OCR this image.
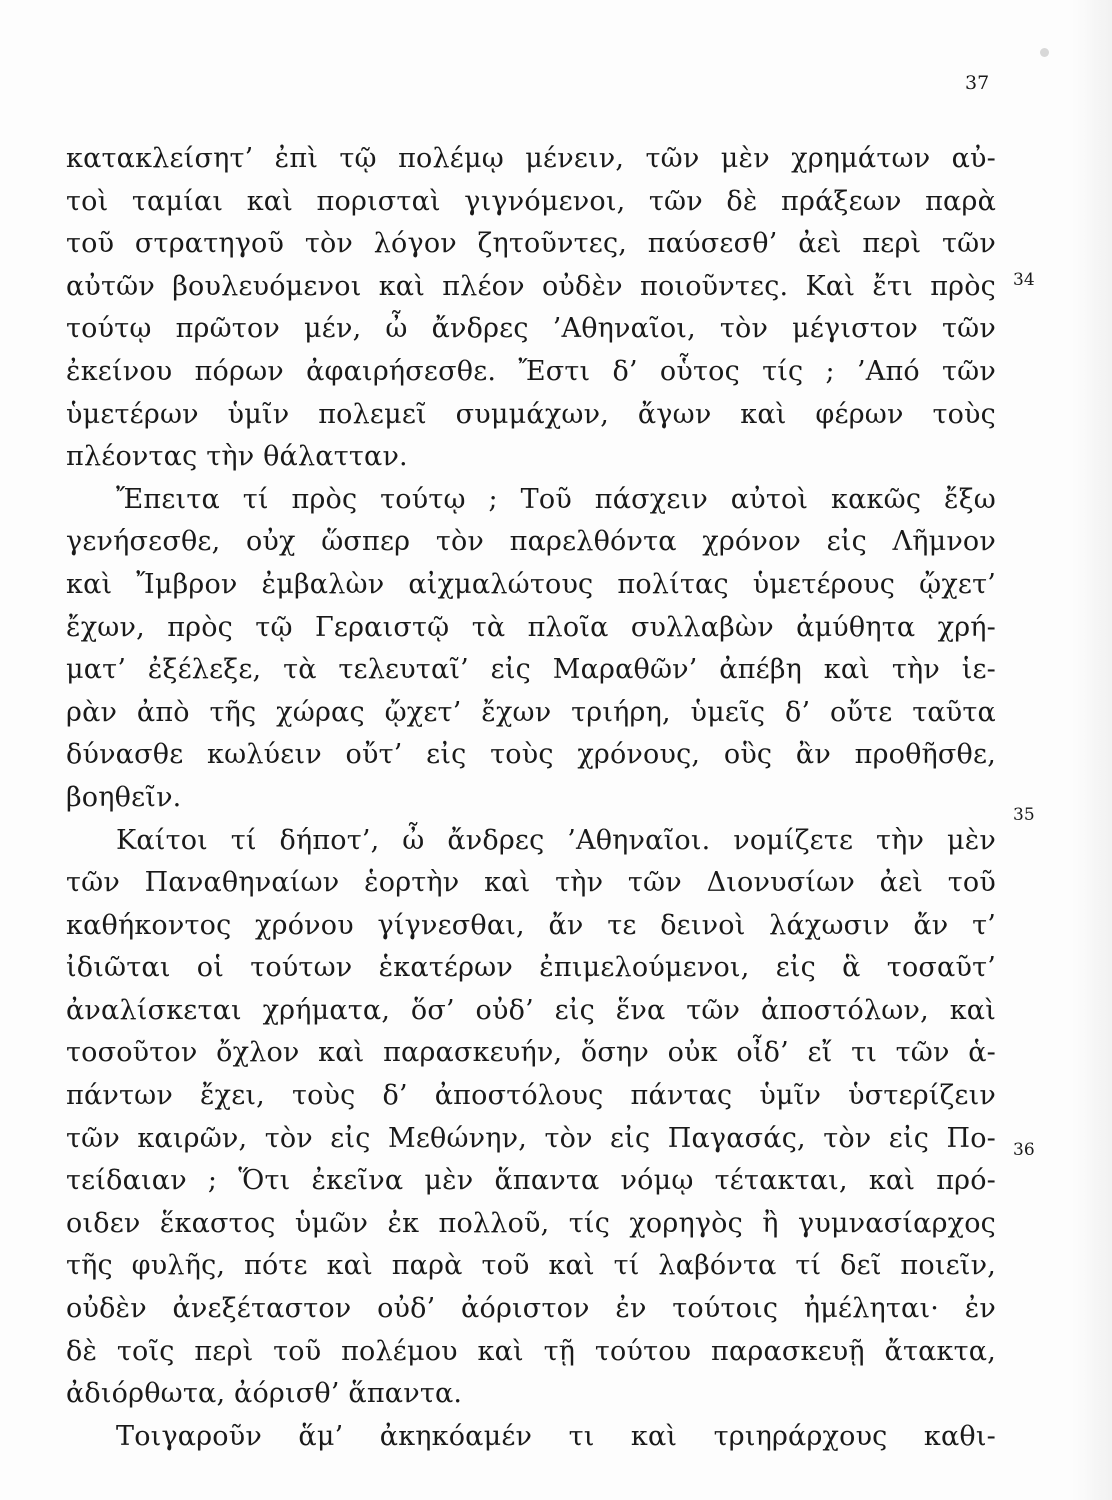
37
κατακλείσητ’ ἐπὶ τῷ πολέμῳ μένειν, τῶν μὲν χρημάτων αὐ-
τοὶ ταμίαι καὶ πορισταὶ γιγνόμενοι, τῶν δὲ πράξεων παρὰ
τοῦ στρατηγοῦ τὸν λόγον ζητοῦντες, παύσεσθ’ ἀεὶ περὶ τῶν
αὐτῶν βουλευόμενοι καὶ πλέον οὐδὲν ποιοῦντες. Καὶ ἔτι πρὸς
τούτῳ πρῶτον μέν, ὦ ἄνδρες ’Αθηναῖοι, τὸν μέγιστον τῶν
ἐκείνου πόρων ἀφαιρήσεσθε. Ἔστι δ’ οὗτος τίς ; ’Από τῶν
ὑμετέρων ὑμῖν πολεμεῖ συμμάχων, ἄγων καὶ φέρων τοὺς
πλέοντας τὴν θάλατταν.
Ἔπειτα τί πρὸς τούτῳ ; Τοῦ πάσχειν αὐτοὶ κακῶς ἔξω
γενήσεσθε, οὐχ ὥσπερ τὸν παρελθόντα χρόνον εἰς Λῆμνον
καὶ Ἴμβρον ἐμβαλὼν αἰχμαλώτους πολίτας ὑμετέρους ᾤχετ’
ἔχων, πρὸς τῷ Γεραιστῷ τὰ πλοῖα συλλαβὼν ἀμύθητα χρή-
ματ’ ἐξέλεξε, τὰ τελευταῖ’ εἰς Μαραθῶν’ ἀπέβη καὶ τὴν ἱε-
ρὰν ἀπὸ τῆς χώρας ᾤχετ’ ἔχων τριήρη, ὑμεῖς δ’ οὔτε ταῦτα
δύνασθε κωλύειν οὔτ’ εἰς τοὺς χρόνους, οὓς ἂν προθῆσθε,
βοηθεῖν.
Καίτοι τί δήποτ’, ὦ ἄνδρες ’Αθηναῖοι. νομίζετε τὴν μὲν
τῶν Παναθηναίων ἑορτὴν καὶ τὴν τῶν Διονυσίων ἀεὶ τοῦ
καθήκοντος χρόνου γίγνεσθαι, ἄν τε δεινοὶ λάχωσιν ἄν τ’
ἰδιῶται οἱ τούτων ἑκατέρων ἐπιμελούμενοι, εἰς ἃ τοσαῦτ’
ἀναλίσκεται χρήματα, ὅσ’ οὐδ’ εἰς ἕνα τῶν ἀποστόλων, καὶ
τοσοῦτον ὄχλον καὶ παρασκευήν, ὅσην οὐκ οἶδ’ εἴ τι τῶν ἁ-
πάντων ἔχει, τοὺς δ’ ἀποστόλους πάντας ὑμῖν ὑστερίζειν
τῶν καιρῶν, τὸν εἰς Μεθώνην, τὸν εἰς Παγασάς, τὸν εἰς Πο-
τείδαιαν ; Ὅτι ἐκεῖνα μὲν ἅπαντα νόμῳ τέτακται, καὶ πρό-
οιδεν ἕκαστος ὑμῶν ἐκ πολλοῦ, τίς χορηγὸς ἢ γυμνασίαρχος
τῆς φυλῆς, πότε καὶ παρὰ τοῦ καὶ τί λαβόντα τί δεῖ ποιεῖν,
οὐδὲν ἀνεξέταστον οὐδ’ ἀόριστον ἐν τούτοις ἠμέληται· ἐν
δὲ τοῖς περὶ τοῦ πολέμου καὶ τῇ τούτου παρασκευῇ ἄτακτα,
ἀδιόρθωτα, ἀόρισθ’ ἅπαντα.
Τοιγαροῦν ἅμ’ ἀκηκόαμέν τι καὶ τριηράρχους καθι-
34
35
36
